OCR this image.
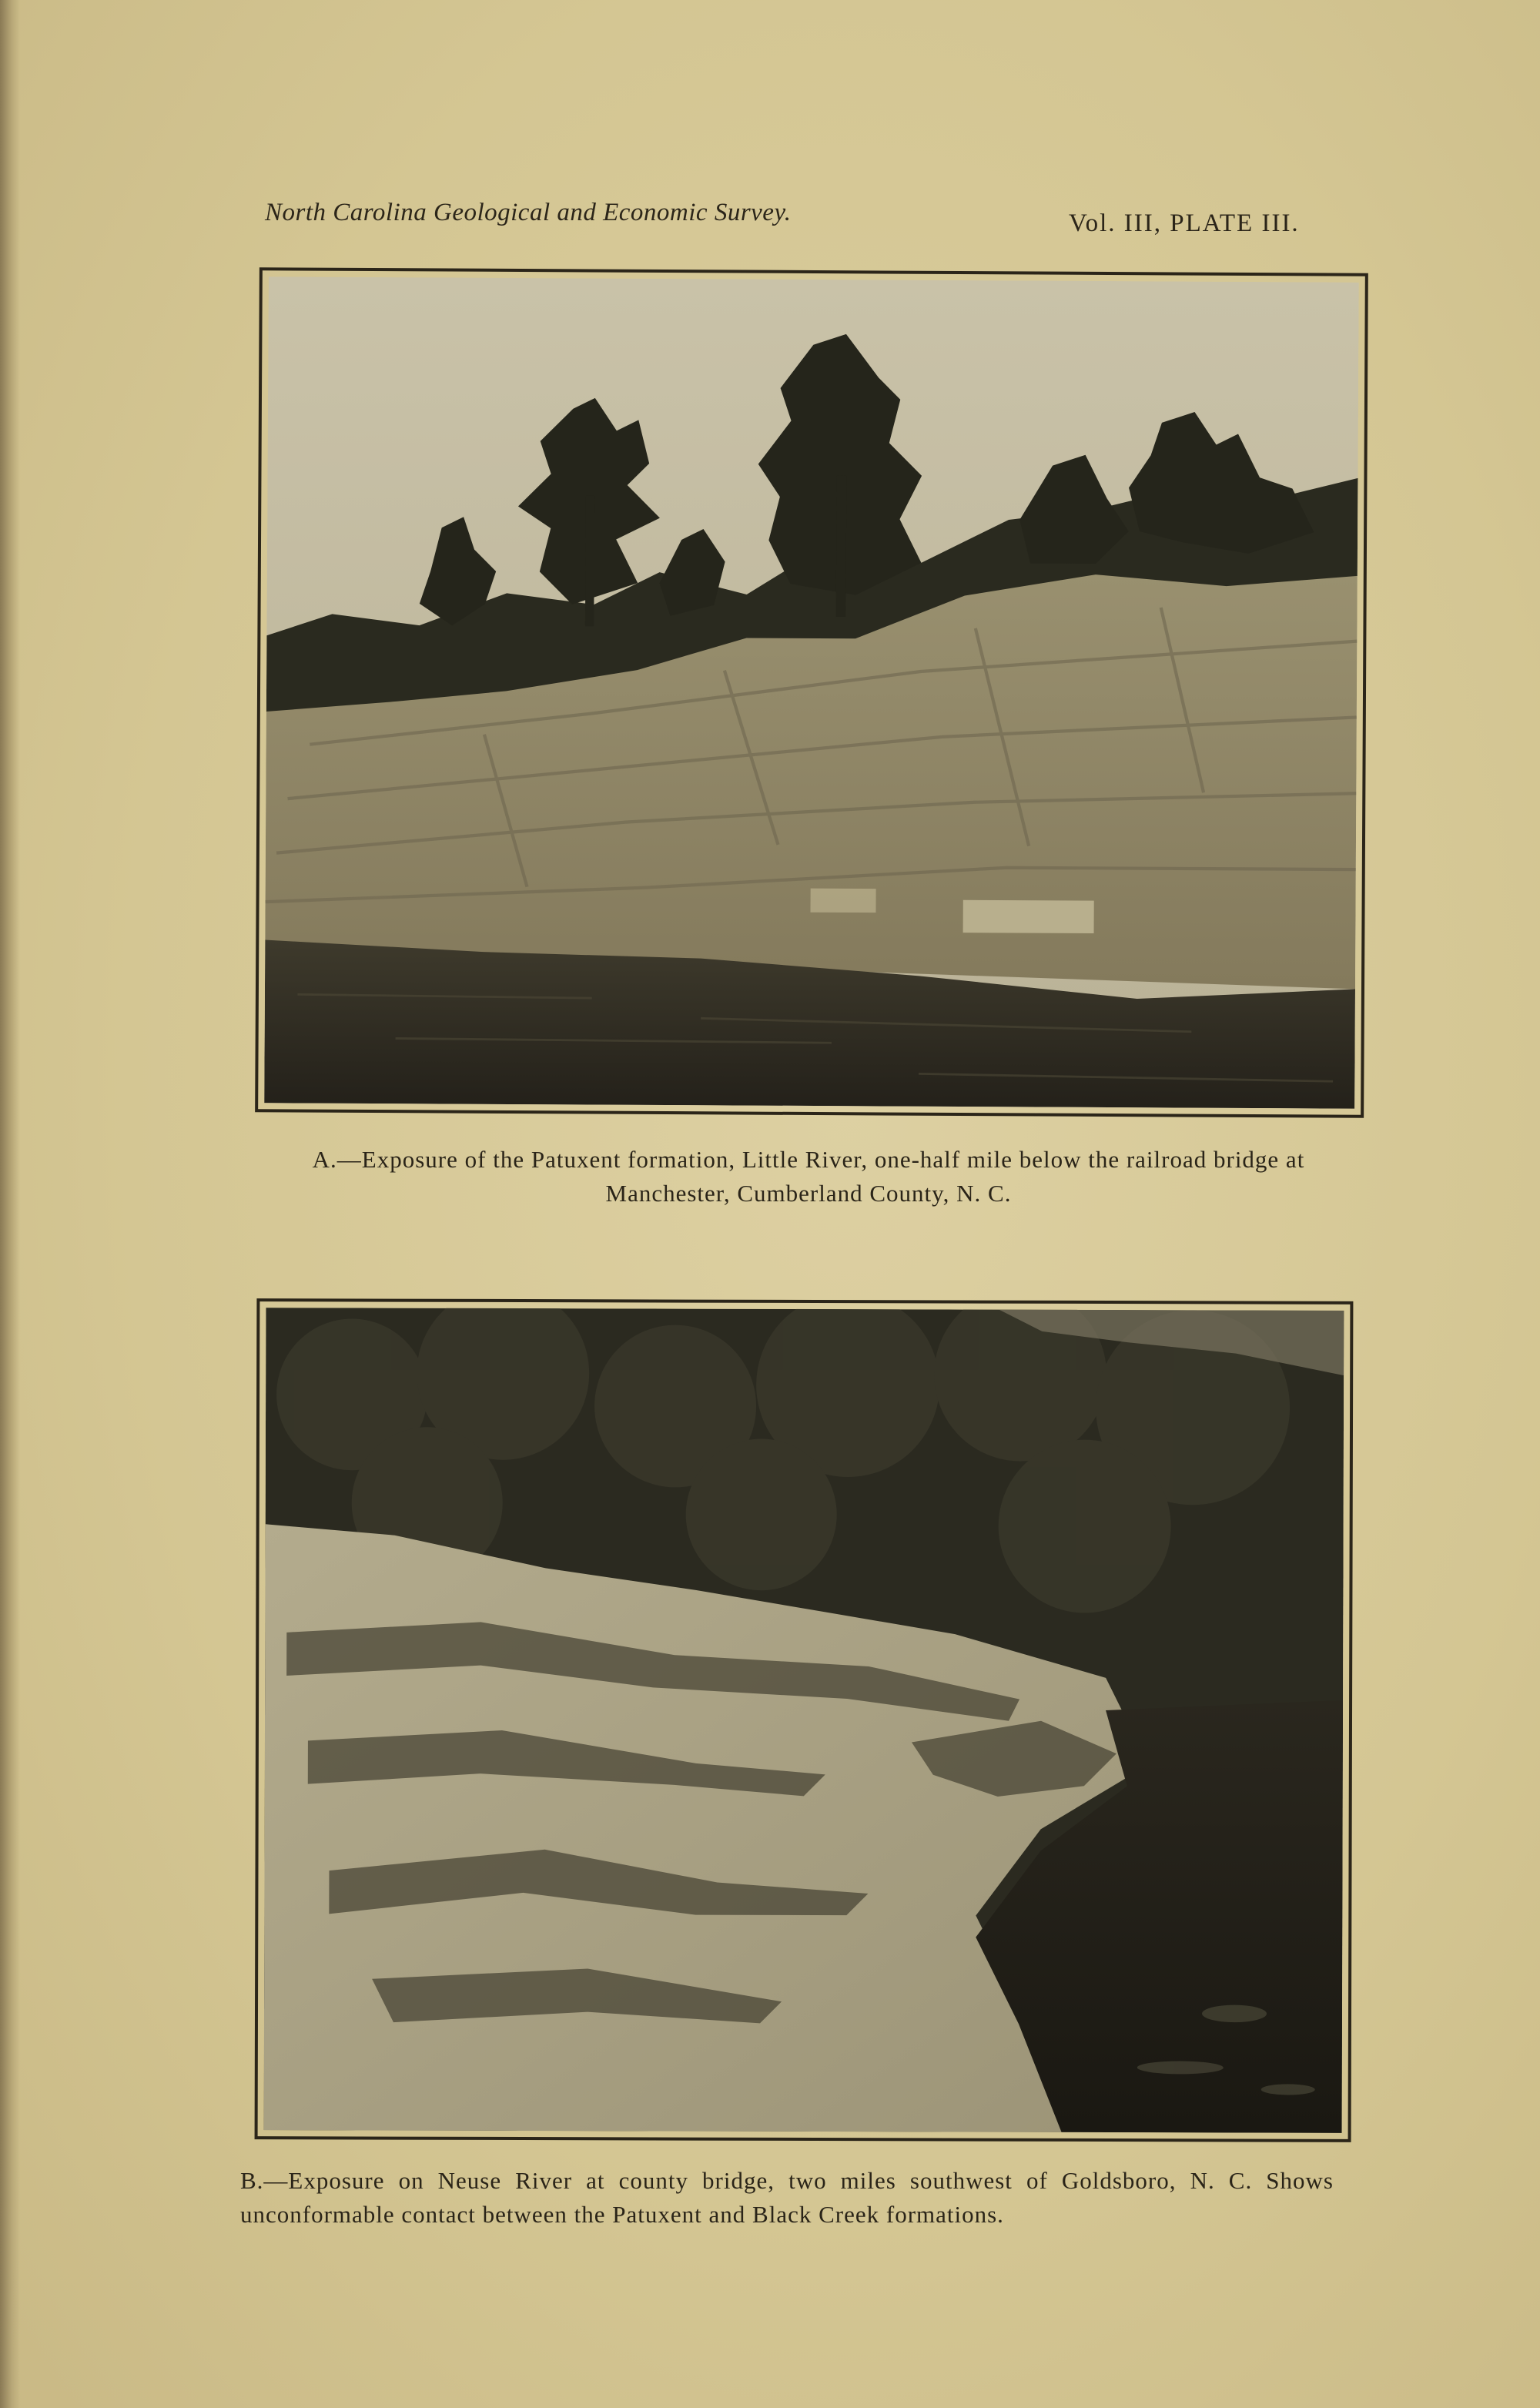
North Carolina Geological and Economic Survey.	Vol. III, PLATE III.
A.—Exposure of the Patuxent formation, Little River, one-half mile below the railroad bridge at Manchester, Cumberland County, N. C.
B.—Exposure on Neuse River at county bridge, two miles southwest of Goldsboro, N. C. Shows unconformable contact between the Patuxent and Black Creek formations.
